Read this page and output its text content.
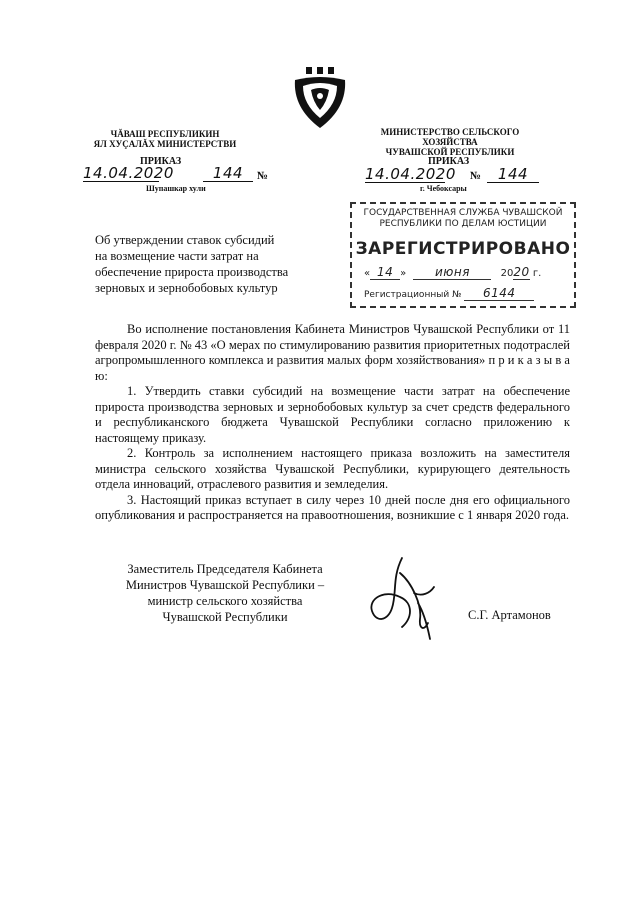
ЧĂВАШ РЕСПУБЛИКИН
ЯЛ ХУÇАЛĂХ МИНИСТЕРСТВИ
ПРИКАЗ
14.04.2020	144	№
Шупашкар хули
МИНИСТЕРСТВО СЕЛЬСКОГО ХОЗЯЙСТВА
ЧУВАШСКОЙ РЕСПУБЛИКИ
ПРИКАЗ
14.04.2020 №	144
г. Чебоксары
ГОСУДАРСТВЕННАЯ СЛУЖБА ЧУВАШСКОЙ
РЕСПУБЛИКИ ПО ДЕЛАМ ЮСТИЦИИ
ЗАРЕГИСТРИРОВАНО
« 14 » июня	2020 г.
Регистрационный № 6144
Об утверждении ставок субсидий
на возмещение части затрат на
обеспечение прироста производства
зерновых и зернобобовых культур

Во исполнение постановления Кабинета Министров Чувашской Республики от 11 февраля 2020 г. № 43 «О мерах по стимулированию развития приоритетных подотраслей агропромышленного комплекса и развития малых форм хозяйствования» п р и к а з ы в а ю:

1. Утвердить ставки субсидий на возмещение части затрат на обеспечение прироста производства зерновых и зернобобовых культур за счет средств федерального и республиканского бюджета Чувашской Республики согласно приложению к настоящему приказу.

2. Контроль за исполнением настоящего приказа возложить на заместителя министра сельского хозяйства Чувашской Республики, курирующего деятельность отдела инноваций, отраслевого развития и земледелия.

3. Настоящий приказ вступает в силу через 10 дней после дня его официального опубликования и распространяется на правоотношения, возникшие с 1 января 2020 года.

Заместитель Председателя Кабинета
Министров Чувашской Республики –
министр сельского хозяйства
Чувашской Республики	С.Г. Артамонов
